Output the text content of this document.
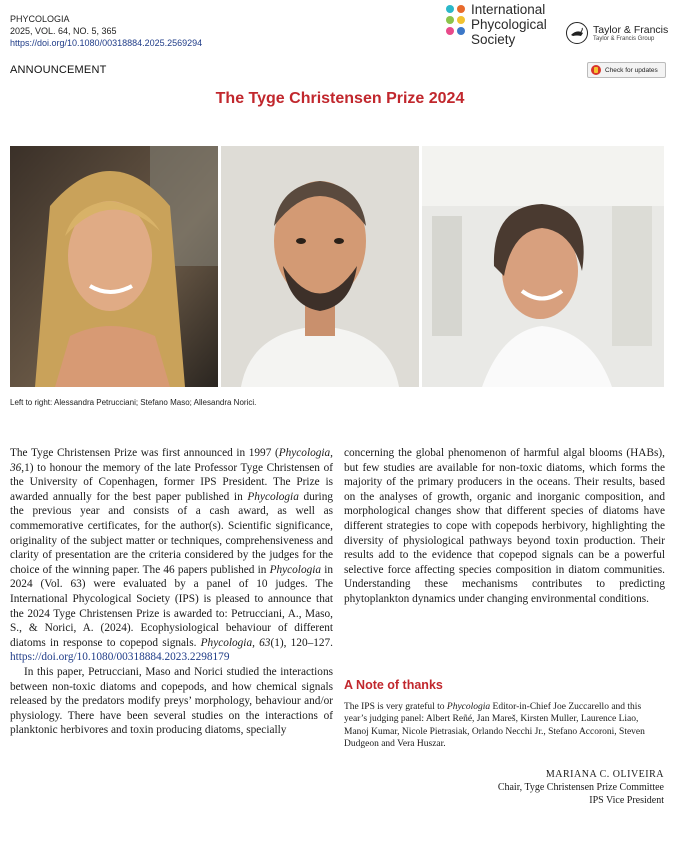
PHYCOLOGIA
2025, VOL. 64, NO. 5, 365
https://doi.org/10.1080/00318884.2025.2569294
International
Phycological
Society
Taylor & Francis
Taylor & Francis Group
ANNOUNCEMENT	Check for updates
The Tyge Christensen Prize 2024
Left to right: Alessandra Petrucciani; Stefano Maso; Allesandra Norici.

The Tyge Christensen Prize was first announced in 1997 (Phycologia, 36,1) to honour the memory of the late Professor Tyge Christensen of the University of Copenhagen, former IPS President. The Prize is awarded annually for the best paper published in Phycologia during the previous year and consists of a cash award, as well as commemorative certificates, for the author(s). Scientific significance, originality of the subject matter or techniques, comprehensiveness and clarity of presentation are the criteria considered by the judges for the choice of the winning paper. The 46 papers published in Phycologia in 2024 (Vol. 63) were evaluated by a panel of 10 judges. The International Phycological Society (IPS) is pleased to announce that the 2024 Tyge Christensen Prize is awarded to: Petrucciani, A., Maso, S., & Norici, A. (2024). Ecophysiological behaviour of different diatoms in response to copepod signals. Phycologia, 63(1), 120–127. https://doi.org/10.1080/00318884.2023.2298179

In this paper, Petrucciani, Maso and Norici studied the interactions between non-toxic diatoms and copepods, and how chemical signals released by the predators modify preys’ morphology, behaviour and/or physiology. There have been several studies on the interactions of planktonic herbivores and toxin producing diatoms, specially

concerning the global phenomenon of harmful algal blooms (HABs), but few studies are available for non-toxic diatoms, which forms the majority of the primary producers in the oceans. Their results, based on the analyses of growth, organic and inorganic composition, and morphological changes show that different species of diatoms have different strategies to cope with copepods herbivory, highlighting the diversity of physiological pathways beyond toxin production. Their results add to the evidence that copepod signals can be a powerful selective force affecting species composition in diatom communities. Understanding these mechanisms contributes to predicting phytoplankton dynamics under changing environmental conditions.

A Note of thanks
The IPS is very grateful to Phycologia Editor-in-Chief Joe Zuccarello and this year’s judging panel: Albert Reñé, Jan Mareš, Kirsten Muller, Laurence Liao, Manoj Kumar, Nicole Pietrasiak, Orlando Necchi Jr., Stefano Accoroni, Steven Dudgeon and Vera Huszar.
MARIANA C. OLIVEIRA
Chair, Tyge Christensen Prize Committee
IPS Vice President
